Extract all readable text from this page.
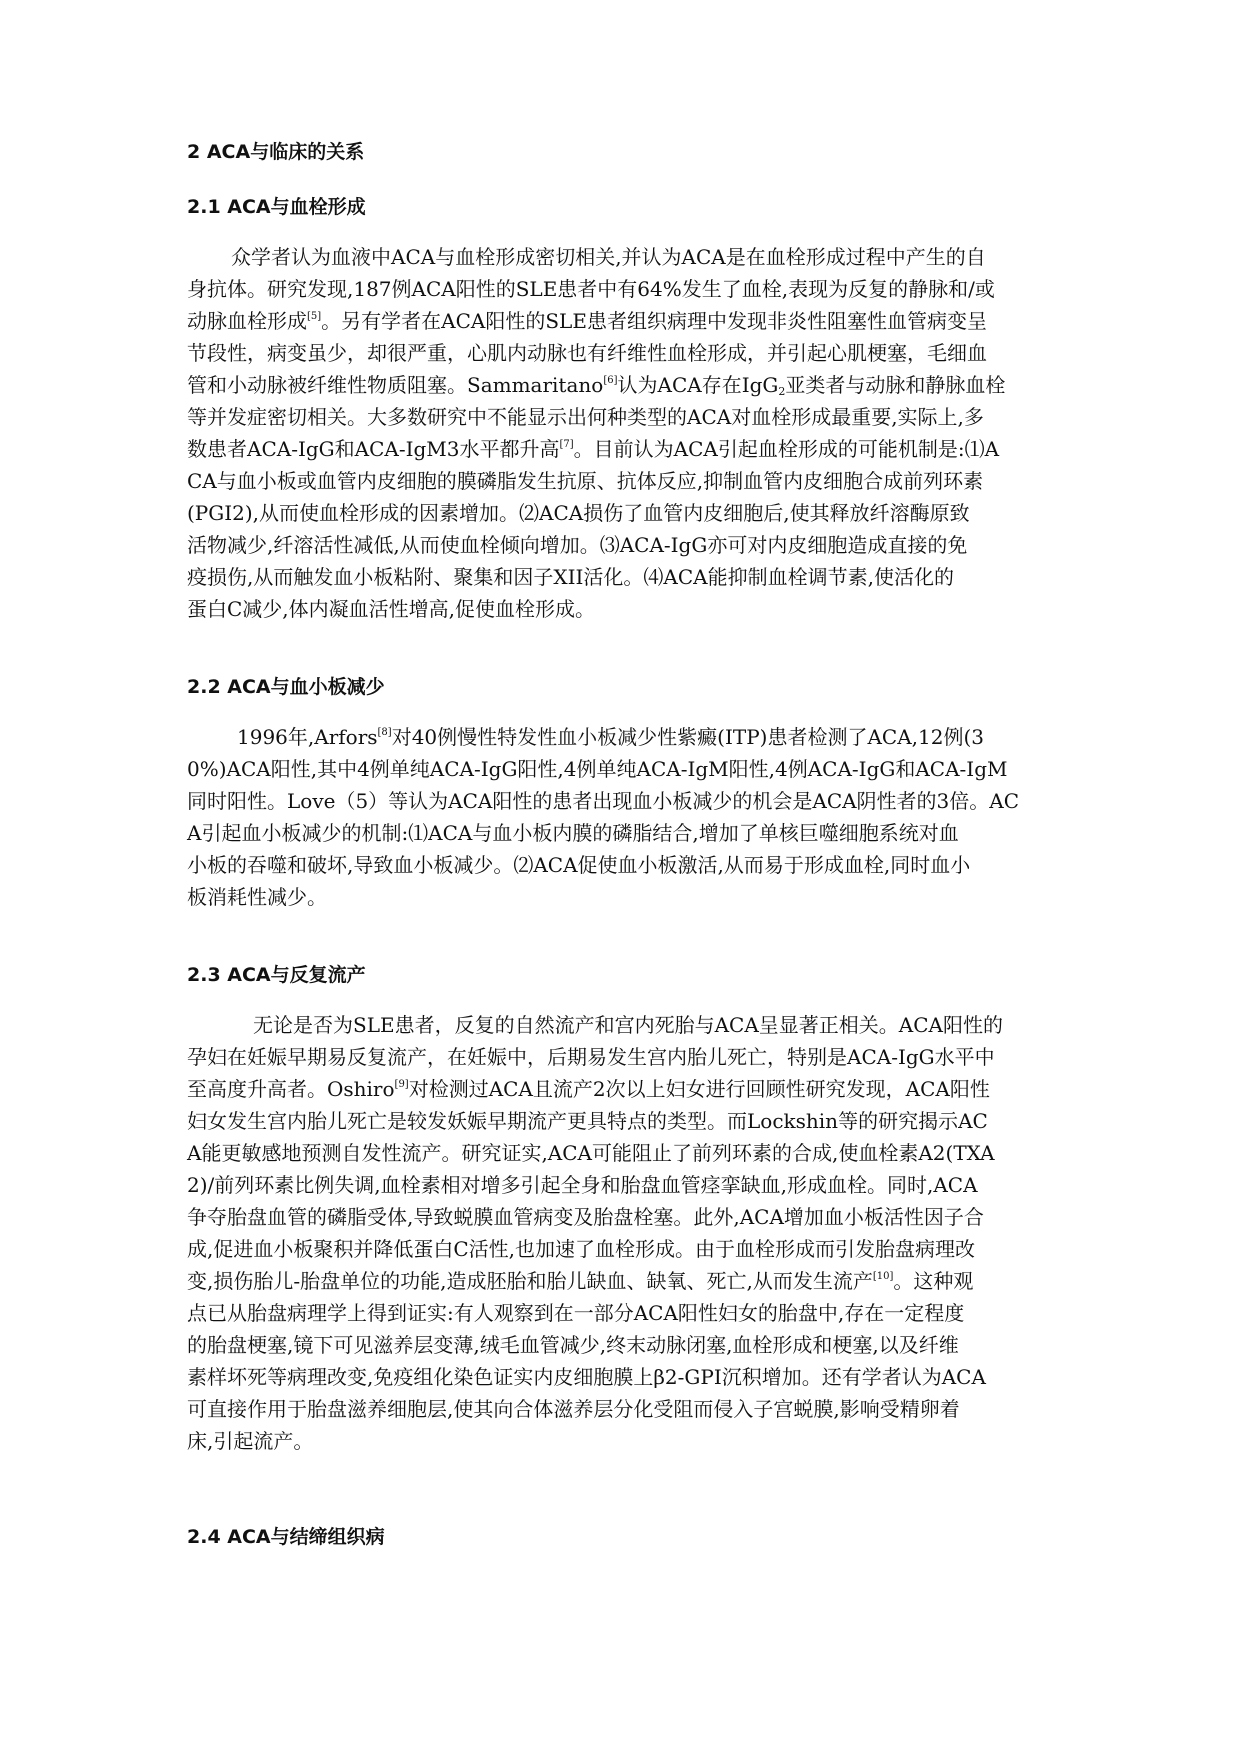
2 ACA与临床的关系
2.1 ACA与血栓形成
众学者认为血液中ACA与血栓形成密切相关,并认为ACA是在血栓形成过程中产生的自
身抗体。研究发现,187例ACA阳性的SLE患者中有64%发生了血栓,表现为反复的静脉和/或
动脉血栓形成[5]。另有学者在ACA阳性的SLE患者组织病理中发现非炎性阻塞性血管病变呈
节段性，病变虽少，却很严重，心肌内动脉也有纤维性血栓形成，并引起心肌梗塞，毛细血
管和小动脉被纤维性物质阻塞。Sammaritano[6]认为ACA存在IgG$_2$亚类者与动脉和静脉血栓
等并发症密切相关。大多数研究中不能显示出何种类型的ACA对血栓形成最重要,实际上,多
数患者ACA-IgG和ACA-IgM3水平都升高[7]。目前认为ACA引起血栓形成的可能机制是:⑴A
CA与血小板或血管内皮细胞的膜磷脂发生抗原、抗体反应,抑制血管内皮细胞合成前列环素
(PGI2),从而使血栓形成的因素增加。⑵ACA损伤了血管内皮细胞后,使其释放纤溶酶原致
活物减少,纤溶活性减低,从而使血栓倾向增加。⑶ACA-IgG亦可对内皮细胞造成直接的免
疫损伤,从而触发血小板粘附、聚集和因子XII活化。⑷ACA能抑制血栓调节素,使活化的
蛋白C减少,体内凝血活性增高,促使血栓形成。
2.2 ACA与血小板减少
1996年,Arfors[8]对40例慢性特发性血小板减少性紫癜(ITP)患者检测了ACA,12例(3
0%)ACA阳性,其中4例单纯ACA-IgG阳性,4例单纯ACA-IgM阳性,4例ACA-IgG和ACA-IgM
同时阳性。Love（5）等认为ACA阳性的患者出现血小板减少的机会是ACA阴性者的3倍。AC
A引起血小板减少的机制:⑴ACA与血小板内膜的磷脂结合,增加了单核巨噬细胞系统对血
小板的吞噬和破坏,导致血小板减少。⑵ACA促使血小板激活,从而易于形成血栓,同时血小
板消耗性减少。
2.3 ACA与反复流产
无论是否为SLE患者，反复的自然流产和宫内死胎与ACA呈显著正相关。ACA阳性的
孕妇在妊娠早期易反复流产，在妊娠中，后期易发生宫内胎儿死亡，特别是ACA-IgG水平中
至高度升高者。Oshiro[9]对检测过ACA且流产2次以上妇女进行回顾性研究发现，ACA阳性
妇女发生宫内胎儿死亡是较发妖娠早期流产更具特点的类型。而Lockshin等的研究揭示AC
A能更敏感地预测自发性流产。研究证实,ACA可能阻止了前列环素的合成,使血栓素A2(TXA
2)/前列环素比例失调,血栓素相对增多引起全身和胎盘血管痉挛缺血,形成血栓。同时,ACA
争夺胎盘血管的磷脂受体,导致蜕膜血管病变及胎盘栓塞。此外,ACA增加血小板活性因子合
成,促进血小板聚积并降低蛋白C活性,也加速了血栓形成。由于血栓形成而引发胎盘病理改
变,损伤胎儿-胎盘单位的功能,造成胚胎和胎儿缺血、缺氧、死亡,从而发生流产[10]。这种观
点已从胎盘病理学上得到证实:有人观察到在一部分ACA阳性妇女的胎盘中,存在一定程度
的胎盘梗塞,镜下可见滋养层变薄,绒毛血管减少,终末动脉闭塞,血栓形成和梗塞,以及纤维
素样坏死等病理改变,免疫组化染色证实内皮细胞膜上β2-GPI沉积增加。还有学者认为ACA
可直接作用于胎盘滋养细胞层,使其向合体滋养层分化受阻而侵入子宫蜕膜,影响受精卵着
床,引起流产。
2.4 ACA与结缔组织病
